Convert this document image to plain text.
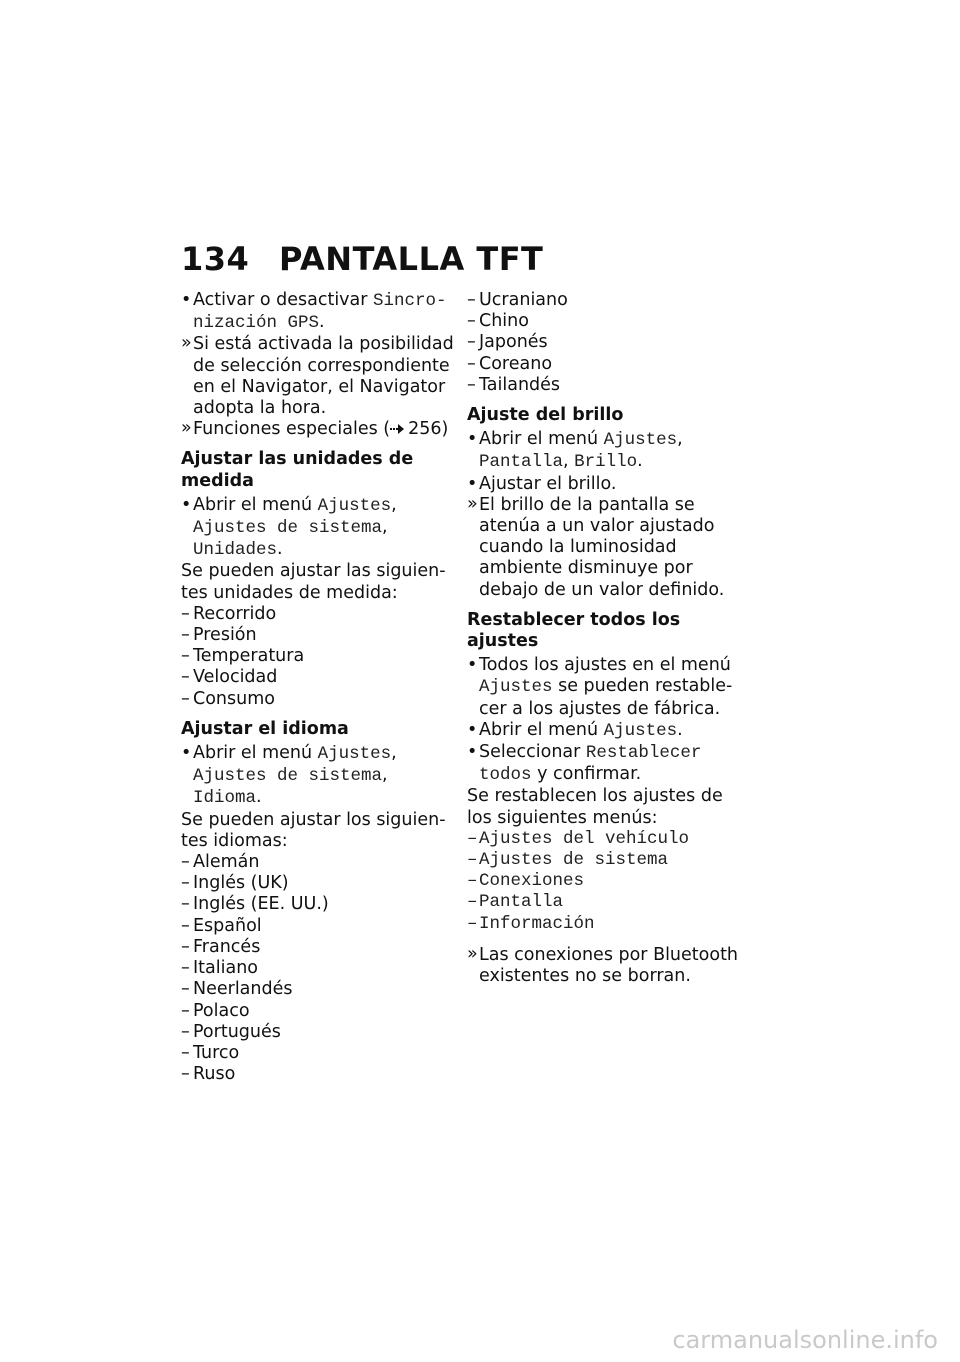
134 PANTALLA TFT
• Activar o desactivar Sincro-nización GPS.
» Si está activada la posibilidad de selección correspondiente en el Navigator, el Navigator adopta la hora.
» Funciones especiales ( 256)
Ajustar las unidades de medida
• Abrir el menú Ajustes, Ajustes de sistema, Unidades.
Se pueden ajustar las siguien-tes unidades de medida:
– Recorrido
– Presión
– Temperatura
– Velocidad
– Consumo
Ajustar el idioma
• Abrir el menú Ajustes, Ajustes de sistema, Idioma.
Se pueden ajustar los siguien-tes idiomas:
– Alemán
– Inglés (UK)
– Inglés (EE. UU.)
– Español
– Francés
– Italiano
– Neerlandés
– Polaco
– Portugués
– Turco
– Ruso
– Ucraniano
– Chino
– Japonés
– Coreano
– Tailandés
Ajuste del brillo
• Abrir el menú Ajustes, Pantalla, Brillo.
• Ajustar el brillo.
» El brillo de la pantalla se atenúa a un valor ajustado cuando la luminosidad ambiente disminuye por debajo de un valor definido.
Restablecer todos los ajustes
• Todos los ajustes en el menú Ajustes se pueden restable-cer a los ajustes de fábrica.
• Abrir el menú Ajustes.
• Seleccionar Restablecer todos y confirmar.
Se restablecen los ajustes de los siguientes menús:
– Ajustes del vehículo
– Ajustes de sistema
– Conexiones
– Pantalla
– Información
» Las conexiones por Bluetooth existentes no se borran.
carmanualsonline.info
